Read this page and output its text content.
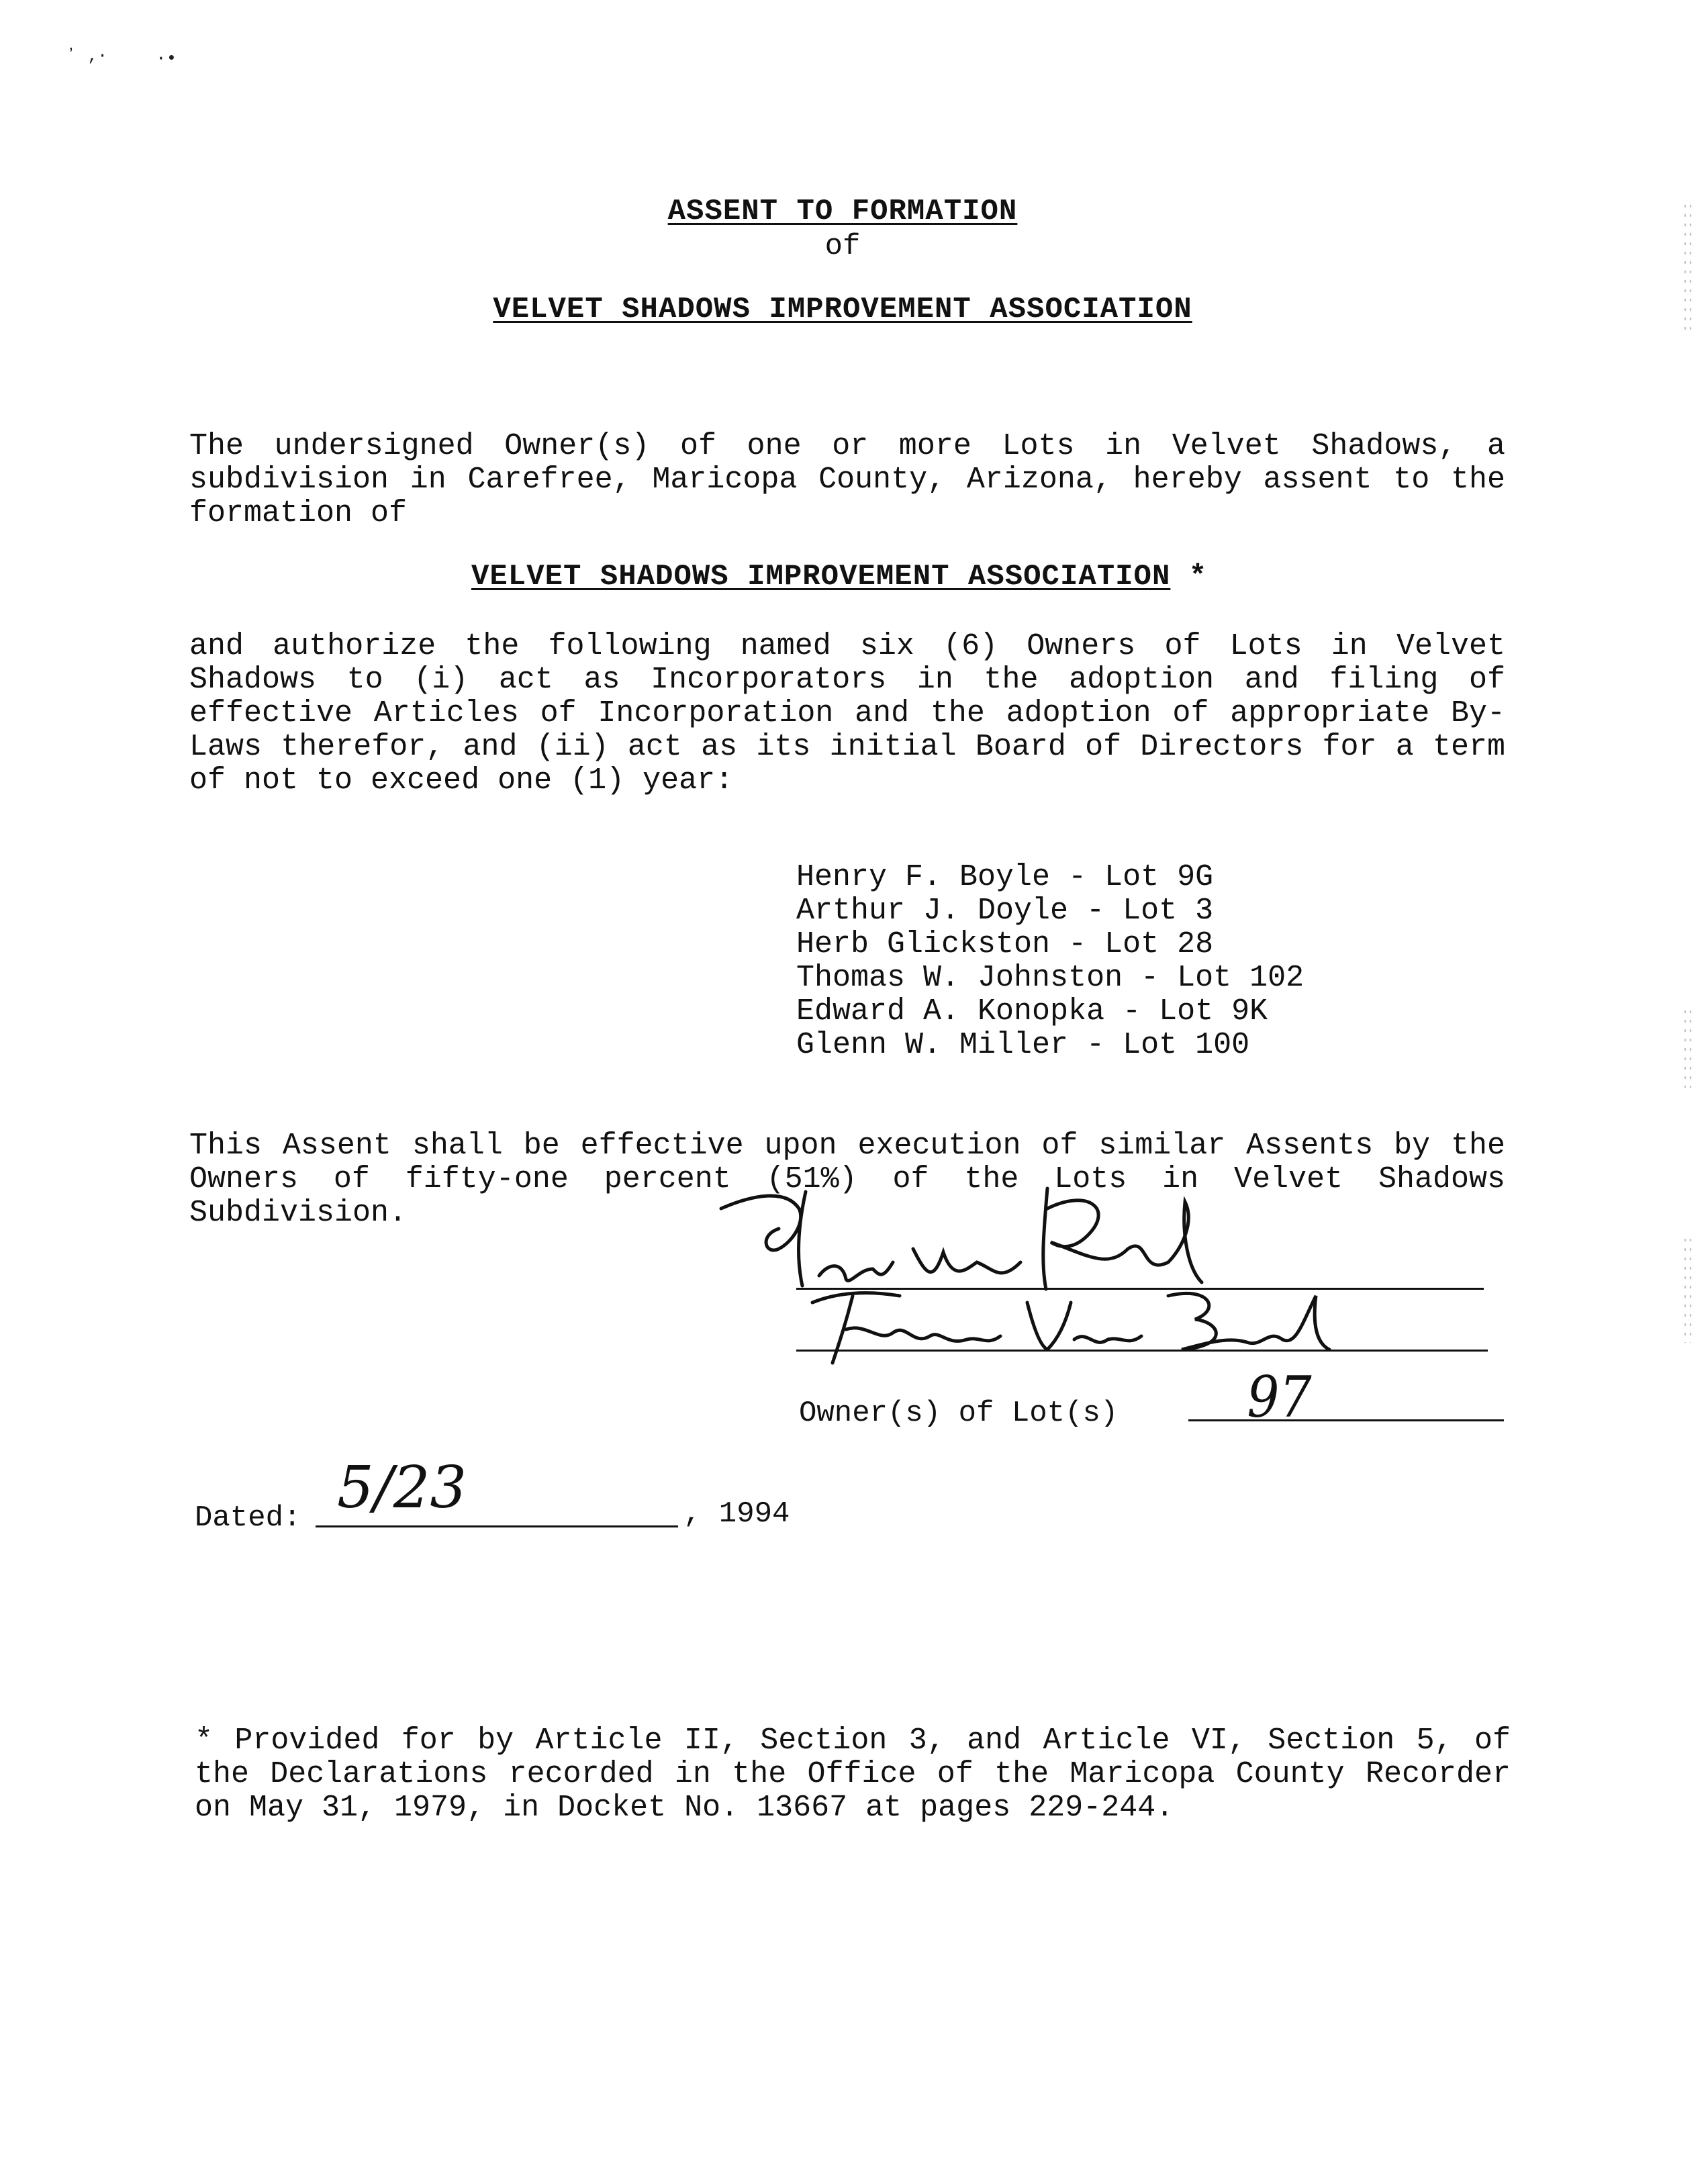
ʼ ‚·	·•
ASSENT TO FORMATION
of
VELVET SHADOWS IMPROVEMENT ASSOCIATION
The undersigned Owner(s) of one or more Lots in Velvet Shadows, a subdivision in Carefree, Maricopa County, Arizona, hereby assent to the formation of
VELVET SHADOWS IMPROVEMENT ASSOCIATION *
and authorize the following named six (6) Owners of Lots in Velvet Shadows to (i) act as Incorporators in the adoption and filing of effective Articles of Incorporation and the adoption of appropriate By-Laws therefor, and (ii) act as its initial Board of Directors for a term of not to exceed one (1) year:
Henry F. Boyle - Lot 9G
Arthur J. Doyle - Lot 3
Herb Glickston - Lot 28
Thomas W. Johnston - Lot 102
Edward A. Konopka - Lot 9K
Glenn W. Miller - Lot 100
This Assent shall be effective upon execution of similar Assents by the Owners of fifty-one percent (51%) of the Lots in Velvet Shadows Subdivision.
Owner(s) of Lot(s) 97
Dated: 5/23	, 1994
* Provided for by Article II, Section 3, and Article VI, Section 5, of the Declarations recorded in the Office of the Maricopa County Recorder on May 31, 1979, in Docket No. 13667 at pages 229-244.
